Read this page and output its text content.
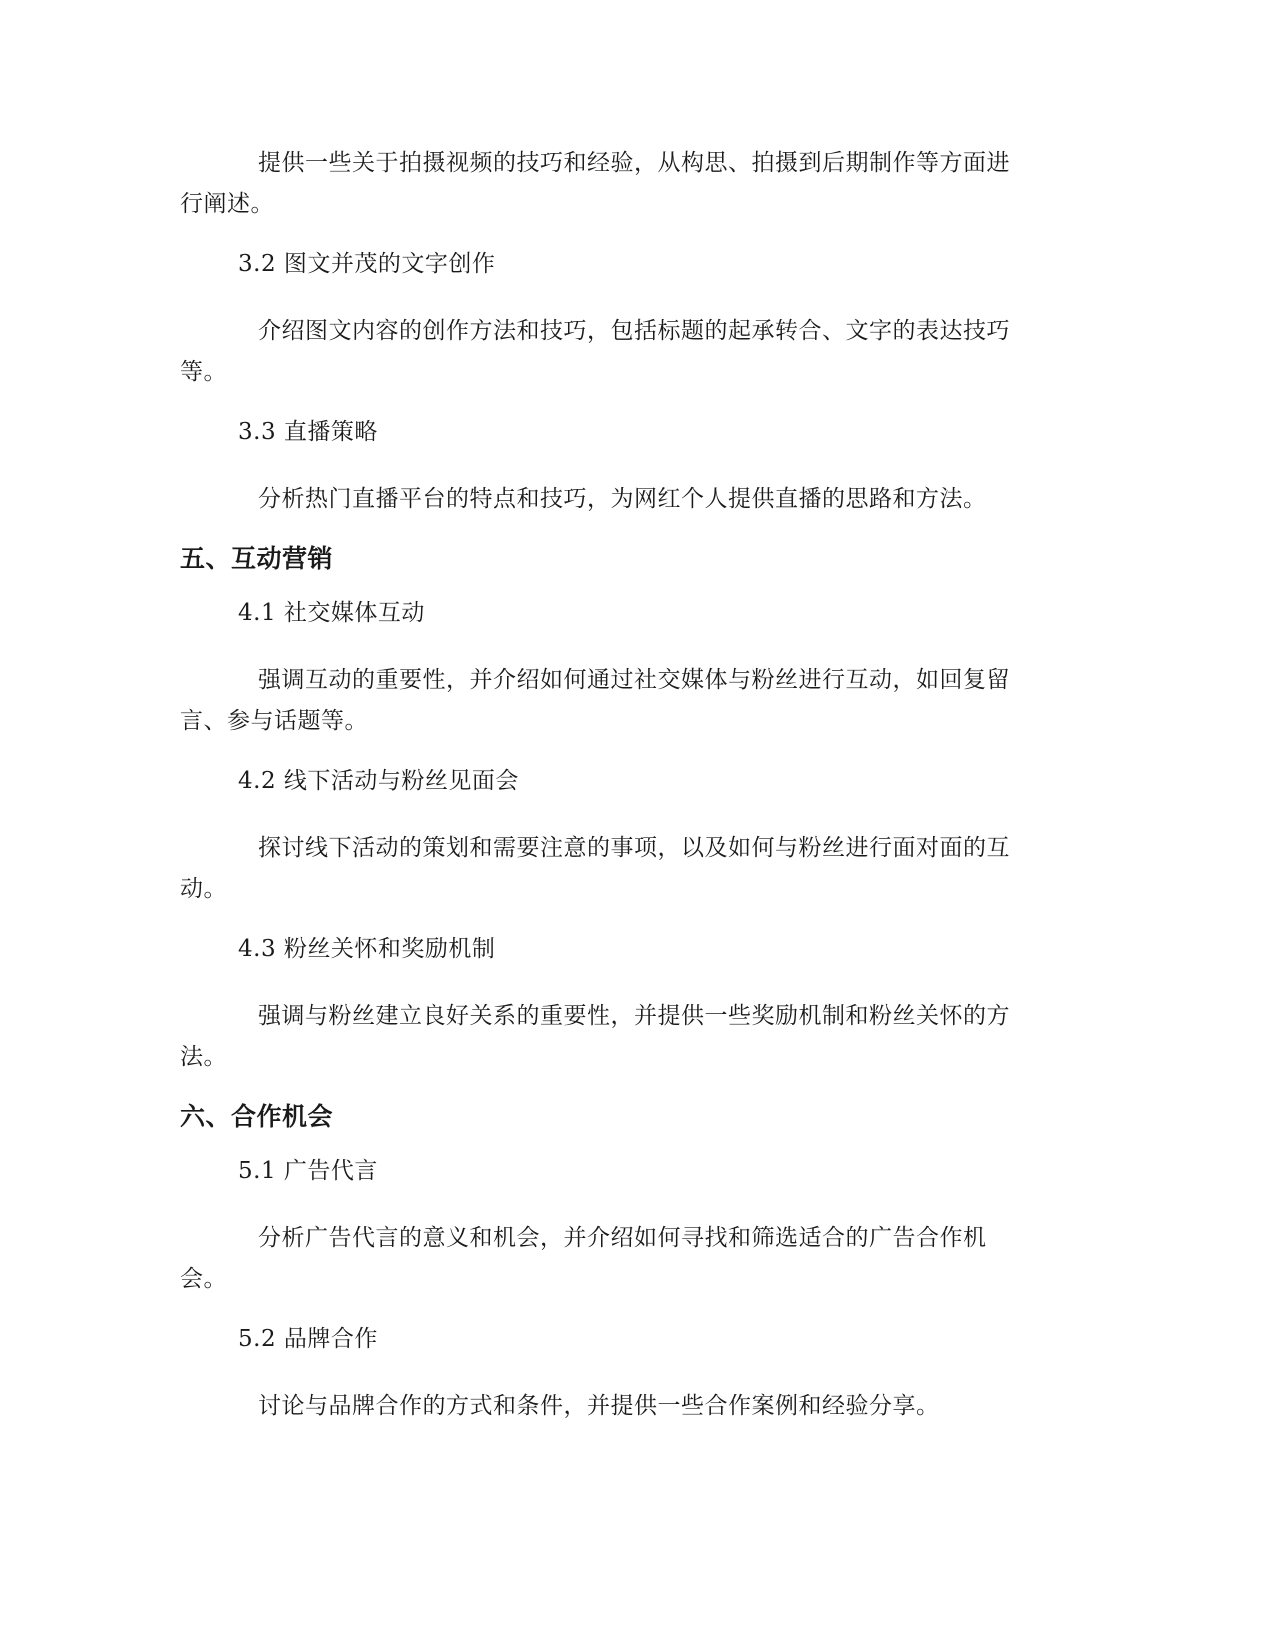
提供一些关于拍摄视频的技巧和经验，从构思、拍摄到后期制作等方面进行阐述。

3.2 图文并茂的文字创作

介绍图文内容的创作方法和技巧，包括标题的起承转合、文字的表达技巧等。

3.3 直播策略

分析热门直播平台的特点和技巧，为网红个人提供直播的思路和方法。

五、互动营销

4.1 社交媒体互动

强调互动的重要性，并介绍如何通过社交媒体与粉丝进行互动，如回复留言、参与话题等。

4.2 线下活动与粉丝见面会

探讨线下活动的策划和需要注意的事项，以及如何与粉丝进行面对面的互动。

4.3 粉丝关怀和奖励机制

强调与粉丝建立良好关系的重要性，并提供一些奖励机制和粉丝关怀的方法。

六、合作机会

5.1 广告代言

分析广告代言的意义和机会，并介绍如何寻找和筛选适合的广告合作机会。

5.2 品牌合作

讨论与品牌合作的方式和条件，并提供一些合作案例和经验分享。
